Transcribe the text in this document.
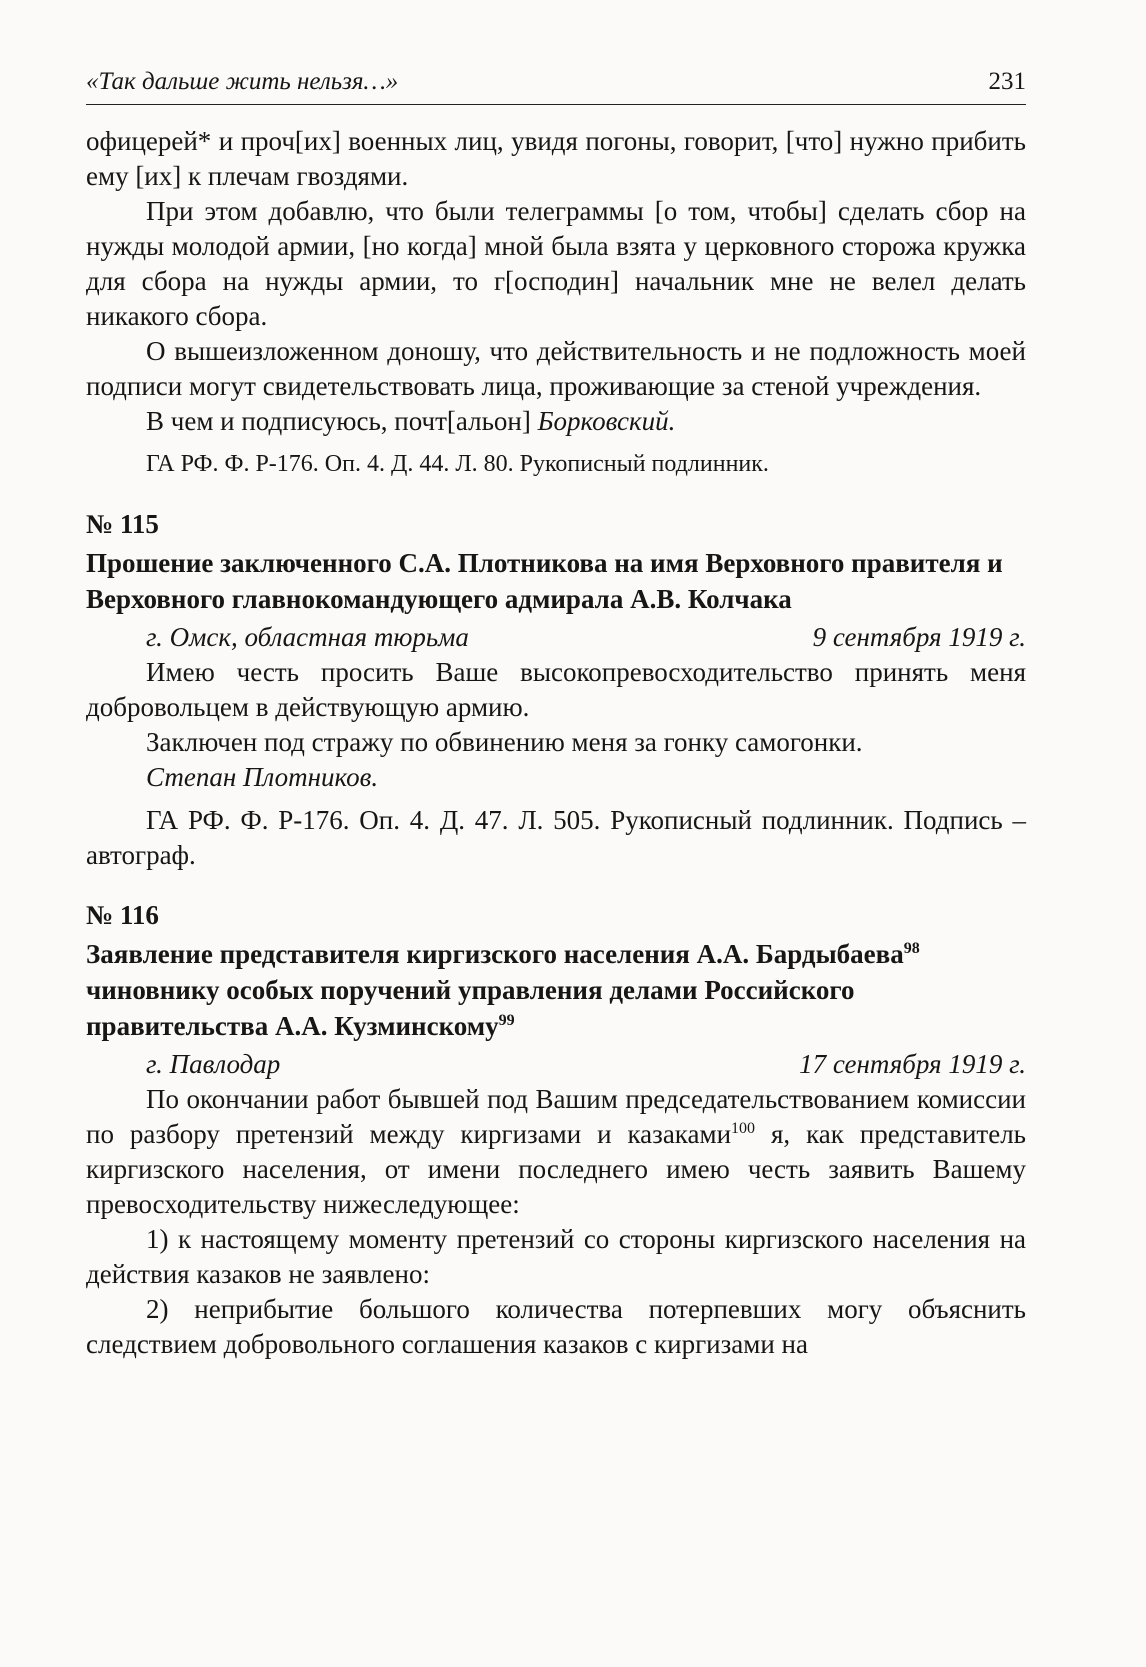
«Так дальше жить нельзя…»	231

офицерей* и проч[их] военных лиц, увидя погоны, говорит, [что] нужно прибить ему [их] к плечам гвоздями.

При этом добавлю, что были телеграммы [о том, чтобы] сделать сбор на нужды молодой армии, [но когда] мной была взята у церковного сторожа кружка для сбора на нужды армии, то г[осподин] начальник мне не велел делать никакого сбора.

О вышеизложенном доношу, что действительность и не подложность моей подписи могут свидетельствовать лица, проживающие за стеной учреждения.

В чем и подписуюсь, почт[альон] Борковский.

ГА РФ. Ф. Р-176. Оп. 4. Д. 44. Л. 80. Рукописный подлинник.

№ 115
Прошение заключенного С.А. Плотникова на имя Верховного правителя и Верховного главнокомандующего адмирала А.В. Колчака
г. Омск, областная тюрьма	9 сентября 1919 г.

Имею честь просить Ваше высокопревосходительство принять меня добровольцем в действующую армию.

Заключен под стражу по обвинению меня за гонку самогонки.

Степан Плотников.

ГА РФ. Ф. Р-176. Оп. 4. Д. 47. Л. 505. Рукописный подлинник. Подпись –автограф.

№ 116
Заявление представителя киргизского населения А.А. Бардыбаева$^{98}$ чиновнику особых поручений управления делами Российского правительства А.А. Кузминскому$^{99}$
г. Павлодар	17 сентября 1919 г.

По окончании работ бывшей под Вашим председательствованием комиссии по разбору претензий между киргизами и казаками$^{100}$ я, как представитель киргизского населения, от имени последнего имею честь заявить Вашему превосходительству нижеследующее:

1) к настоящему моменту претензий со стороны киргизского населения на действия казаков не заявлено:

2) неприбытие большого количества потерпевших могу объяснить следствием добровольного соглашения казаков с киргизами на
